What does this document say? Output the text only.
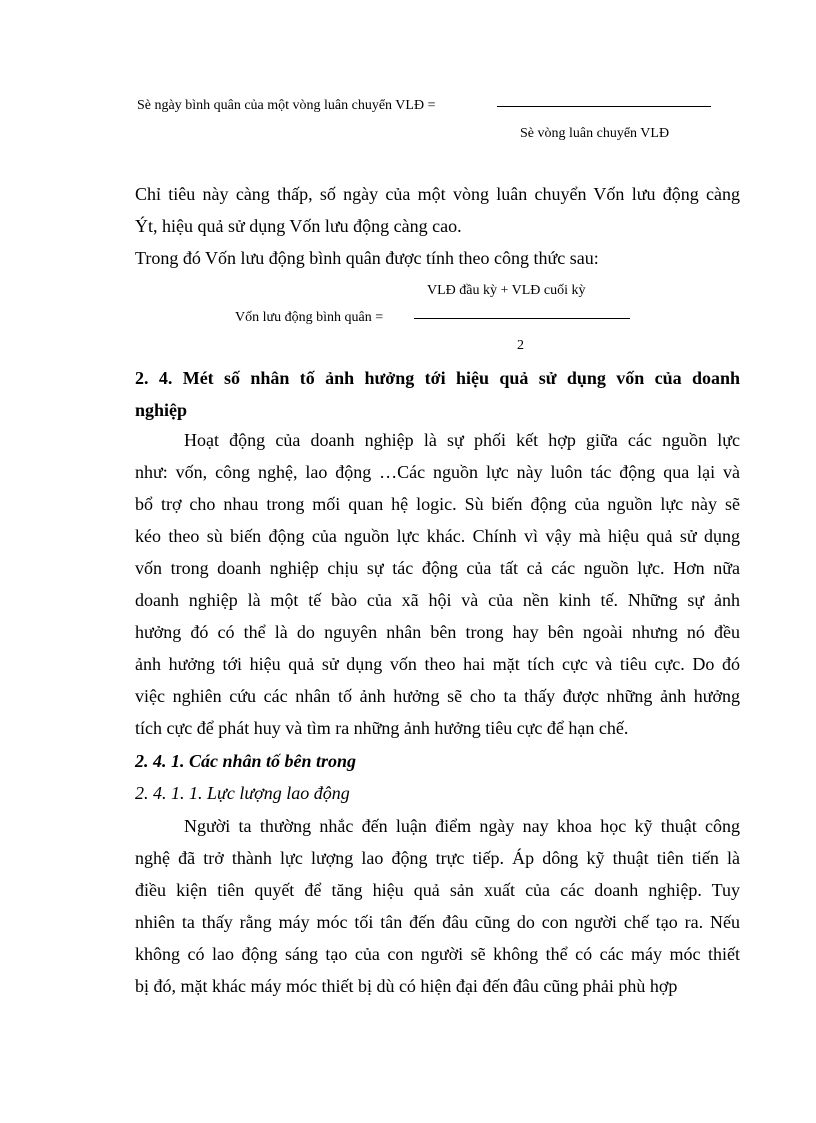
Sè ngày bình quân của một vòng luân chuyển VLĐ =
Sè vòng luân chuyển VLĐ
Chỉ tiêu này càng thấp, số ngày của một vòng luân chuyển Vốn lưu động càng
Ýt, hiệu quả sử dụng Vốn lưu động càng cao.
Trong đó Vốn lưu động bình quân được tính theo công thức sau:
VLĐ đầu kỳ + VLĐ cuối kỳ
Vốn lưu động bình quân =
2
2. 4. Mét số nhân tố ảnh hưởng tới hiệu quả sử dụng vốn của doanh
nghiệp
Hoạt động của doanh nghiệp là sự phối kết hợp giữa các nguồn lực
như: vốn, công nghệ, lao động …Các nguồn lực này luôn tác động qua lại và
bổ trợ cho nhau trong mối quan hệ logic. Sù biến động của nguồn lực này sẽ
kéo theo sù biến động của nguồn lực khác. Chính vì vậy mà hiệu quả sử dụng
vốn trong doanh nghiệp chịu sự tác động của tất cả các nguồn lực. Hơn nữa
doanh nghiệp là một tế bào của xã hội và của nền kinh tế. Những sự ảnh
hưởng đó có thể là do nguyên nhân bên trong hay bên ngoài nhưng nó đều
ảnh hưởng tới hiệu quả sử dụng vốn theo hai mặt tích cực và tiêu cực. Do đó
việc nghiên cứu các nhân tố ảnh hưởng sẽ cho ta thấy được những ảnh hưởng
tích cực để phát huy và tìm ra những ảnh hưởng tiêu cực để hạn chế.
2. 4. 1. Các nhân tố bên trong
2. 4. 1. 1. Lực lượng lao động
Người ta thường nhắc đến luận điểm ngày nay khoa học kỹ thuật công
nghệ đã trở thành lực lượng lao động trực tiếp. Áp dông kỹ thuật tiên tiến là
điều kiện tiên quyết để tăng hiệu quả sản xuất của các doanh nghiệp. Tuy
nhiên ta thấy rằng máy móc tối tân đến đâu cũng do con người chế tạo ra. Nếu
không có lao động sáng tạo của con người sẽ không thể có các máy móc thiết
bị đó, mặt khác máy móc thiết bị dù có hiện đại đến đâu cũng phải phù hợp
